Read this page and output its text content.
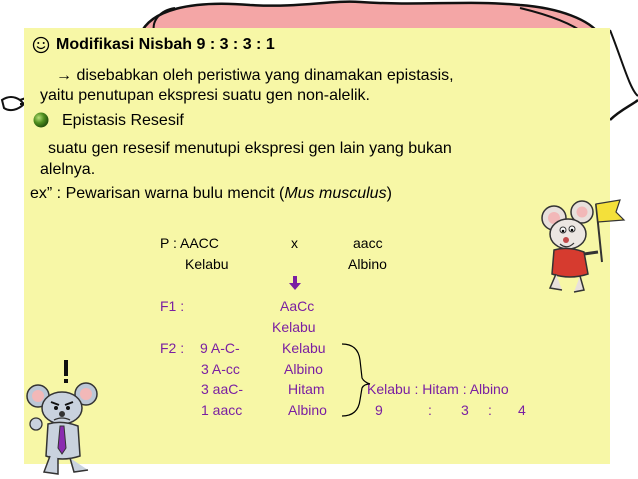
Modifikasi Nisbah 9 : 3 : 3 : 1
→ disebabkan oleh peristiwa yang dinamakan epistasis,
yaitu penutupan ekspresi suatu gen non-alelik.
Epistasis Resesif
suatu gen resesif menutupi ekspresi gen lain yang bukan
alelnya.
ex” : Pewarisan warna bulu mencit (Mus musculus)
P : AACC	x	aacc
Kelabu	Albino
F1 :	AaCc
Kelabu
F2 : 9 A-C-	Kelabu
3 A-cc	Albino
3 aaC-	Hitam
1 aacc	Albino
Kelabu : Hitam : Albino
9	: 3 : 4
